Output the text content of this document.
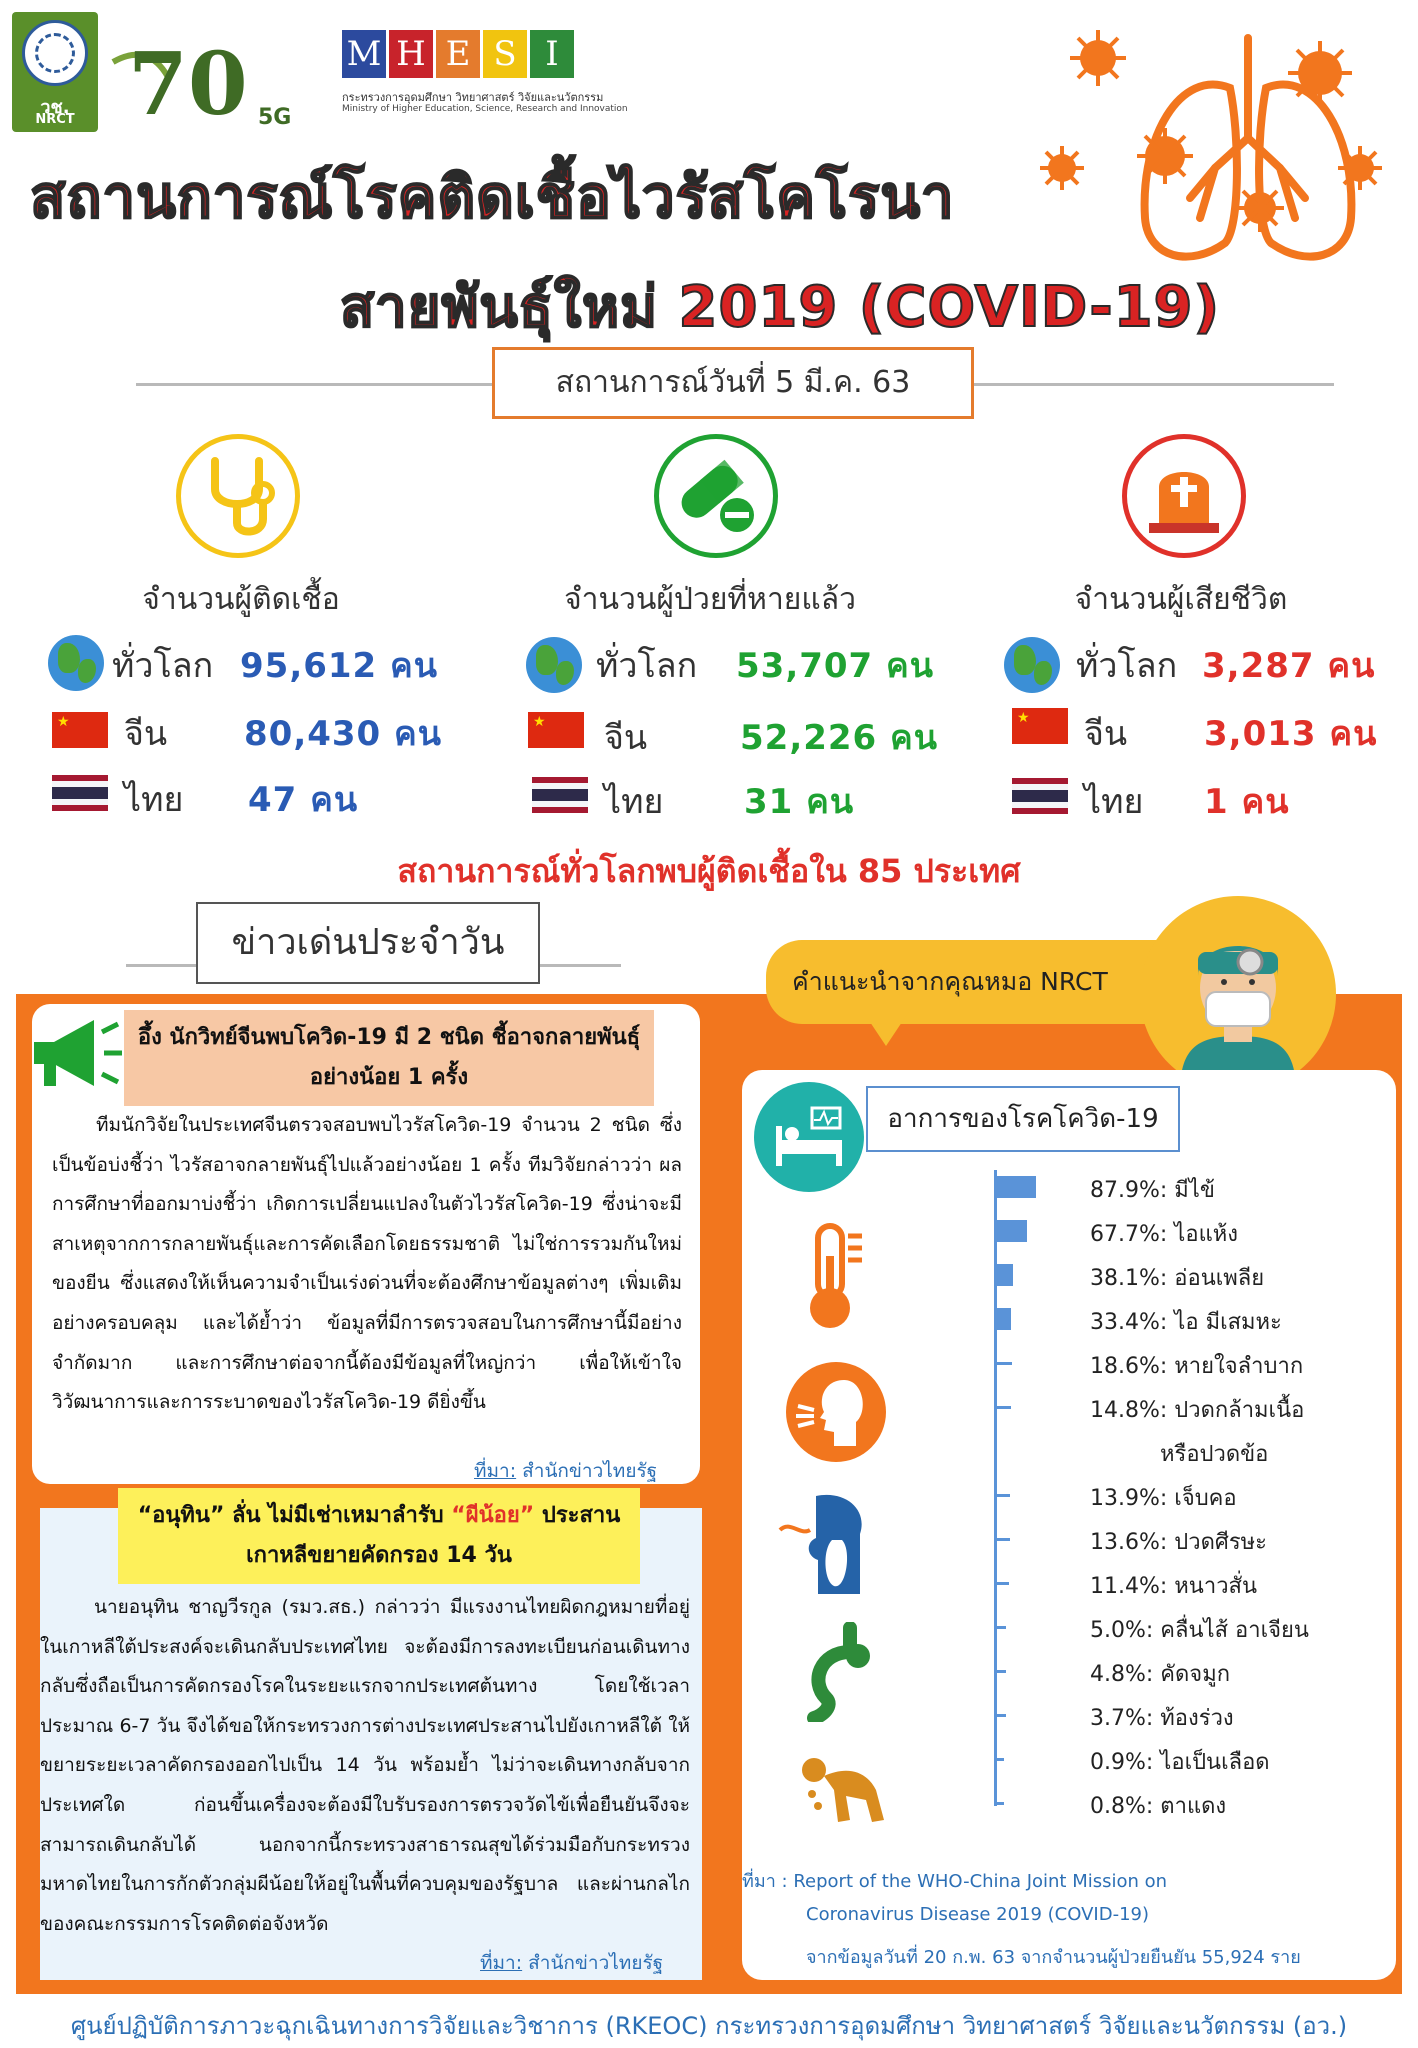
วช.
NRCT 70 5G
M H E S I
กระทรวงการอุดมศึกษา วิทยาศาสตร์ วิจัยและนวัตกรรม
Ministry of Higher Education, Science, Research and Innovation
สถานการณ์โรคติดเชื้อไวรัสโคโรนา
สายพันธุ์ใหม่ 2019 (COVID-19)
สถานการณ์วันที่ 5 มี.ค. 63
จำนวนผู้ติดเชื้อ
ทั่วโลก 95,612 คน
★
จีน 80,430 คน
ไทย 47 คน
จำนวนผู้ป่วยที่หายแล้ว
ทั่วโลก 53,707 คน
★
จีน	52,226 คน
ไทย 31 คน
จำนวนผู้เสียชีวิต
ทั่วโลก 3,287 คน
★
จีน 3,013 คน
ไทย 1 คน
สถานการณ์ทั่วโลกพบผู้ติดเชื้อใน 85 ประเทศ
ข่าวเด่นประจำวัน
อึ้ง นักวิทย์จีนพบโควิด-19 มี 2 ชนิด ชี้อาจกลายพันธุ์
อย่างน้อย 1 ครั้ง
ทีมนักวิจัยในประเทศจีนตรวจสอบพบไวรัสโควิด-19 จำนวน 2 ชนิด ซึ่งเป็นข้อบ่งชี้ว่า ไวรัสอาจกลายพันธุ์ไปแล้วอย่างน้อย 1 ครั้ง ทีมวิจัยกล่าวว่า ผลการศึกษาที่ออกมาบ่งชี้ว่า เกิดการเปลี่ยนแปลงในตัวไวรัสโควิด-19 ซึ่งน่าจะมีสาเหตุจากการกลายพันธุ์และการคัดเลือกโดยธรรมชาติ ไม่ใช่การรวมกันใหม่ของยีน ซึ่งแสดงให้เห็นความจำเป็นเร่งด่วนที่จะต้องศึกษาข้อมูลต่างๆ เพิ่มเติมอย่างครอบคลุม และได้ย้ำว่า ข้อมูลที่มีการตรวจสอบในการศึกษานี้มีอย่างจำกัดมาก และการศึกษาต่อจากนี้ต้องมีข้อมูลที่ใหญ่กว่า เพื่อให้เข้าใจวิวัฒนาการและการระบาดของไวรัสโควิด-19 ดียิ่งขึ้น
ที่มา: สำนักข่าวไทยรัฐ
“อนุทิน” ลั่น ไม่มีเช่าเหมาลำรับ “ผีน้อย” ประสาน
เกาหลีขยายคัดกรอง 14 วัน
นายอนุทิน ชาญวีรกูล (รมว.สธ.) กล่าวว่า มีแรงงานไทยผิดกฎหมายที่อยู่ในเกาหลีใต้ประสงค์จะเดินกลับประเทศไทย จะต้องมีการลงทะเบียนก่อนเดินทางกลับซึ่งถือเป็นการคัดกรองโรคในระยะแรกจากประเทศต้นทาง โดยใช้เวลาประมาณ 6-7 วัน จึงได้ขอให้กระทรวงการต่างประเทศประสานไปยังเกาหลีใต้ ให้ขยายระยะเวลาคัดกรองออกไปเป็น 14 วัน พร้อมย้ำ ไม่ว่าจะเดินทางกลับจากประเทศใด ก่อนขึ้นเครื่องจะต้องมีใบรับรองการตรวจวัดไข้เพื่อยืนยันจึงจะสามารถเดินกลับได้ นอกจากนี้กระทรวงสาธารณสุขได้ร่วมมือกับกระทรวงมหาดไทยในการกักตัวกลุ่มผีน้อยให้อยู่ในพื้นที่ควบคุมของรัฐบาล และผ่านกลไกของคณะกรรมการโรคติดต่อจังหวัด
ที่มา: สำนักข่าวไทยรัฐ
คำแนะนำจากคุณหมอ NRCT
อาการของโรคโควิด-19
87.9%: มีไข้
67.7%: ไอแห้ง
38.1%: อ่อนเพลีย
33.4%: ไอ มีเสมหะ
18.6%: หายใจลำบาก
14.8%: ปวดกล้ามเนื้อ
หรือปวดข้อ
13.9%: เจ็บคอ
13.6%: ปวดศีรษะ
11.4%: หนาวสั่น
5.0%: คลื่นไส้ อาเจียน
4.8%: คัดจมูก
3.7%: ท้องร่วง
0.9%: ไอเป็นเลือด
0.8%: ตาแดง
ที่มา : Report of the WHO-China Joint Mission on
Coronavirus Disease 2019 (COVID-19)
จากข้อมูลวันที่ 20 ก.พ. 63 จากจำนวนผู้ป่วยยืนยัน 55,924 ราย
ศูนย์ปฏิบัติการภาวะฉุกเฉินทางการวิจัยและวิชาการ (RKEOC) กระทรวงการอุดมศึกษา วิทยาศาสตร์ วิจัยและนวัตกรรม (อว.)
